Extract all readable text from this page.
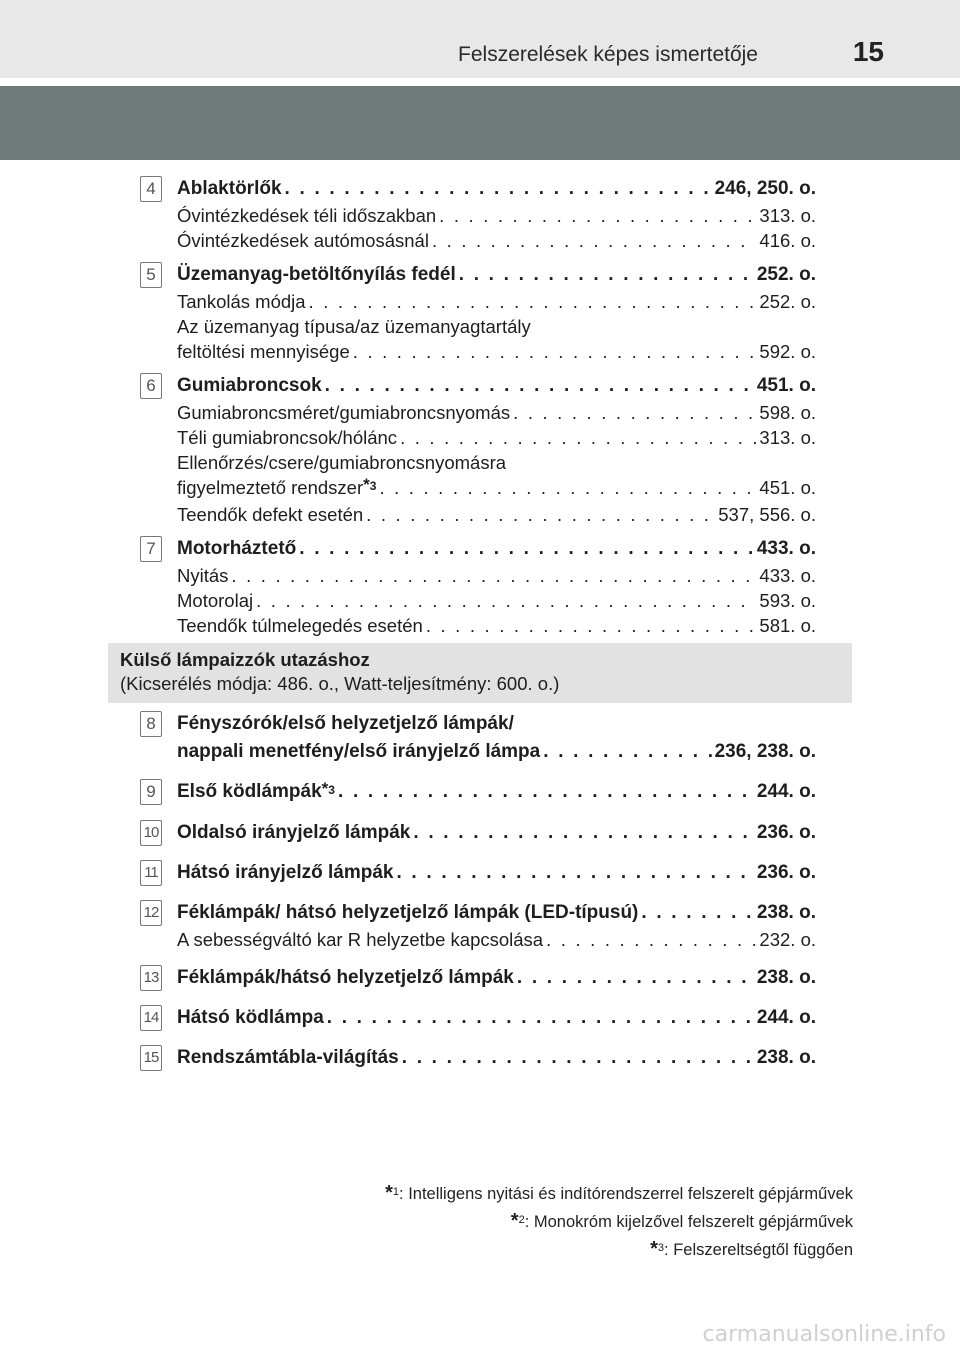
Felszerelések képes ismertetője	15
4	Ablaktörlők . . .	246, 250. o.
Óvintézkedések téli időszakban . . .	313. o.
Óvintézkedések autómosásnál . . .	416. o.
5	Üzemanyag-betöltőnyílás fedél . . .	252. o.
Tankolás módja . . .	252. o.
Az üzemanyag típusa/az üzemanyagtartály
feltöltési mennyisége . . .	592. o.
6	Gumiabroncsok . . .	451. o.
Gumiabroncsméret/gumiabroncsnyomás . . .	598. o.
Téli gumiabroncsok/hólánc . . .	313. o.
Ellenőrzés/csere/gumiabroncsnyomásra
figyelmeztető rendszer$^{*3}$ . . .	451. o.
Teendők defekt esetén . . .	537, 556. o.
7	Motorháztető . . .	433. o.
Nyitás . . .	433. o.
Motorolaj . . .	593. o.
Teendők túlmelegedés esetén . . .	581. o.
Külső lámpaizzók utazáshoz
(Kicserélés módja: 486. o., Watt-teljesítmény: 600. o.)
8	Fényszórók/első helyzetjelző lámpák/
nappali menetfény/első irányjelző lámpa . . .	236, 238. o.
9	Első ködlámpák$^{*3}$ . . .	244. o.
10 Oldalsó irányjelző lámpák . . .	236. o.
11 Hátsó irányjelző lámpák . . .	236. o.
12 Féklámpák/ hátsó helyzetjelző lámpák (LED-típusú) . . .	238. o.
A sebességváltó kar R helyzetbe kapcsolása . . .	232. o.
13 Féklámpák/hátsó helyzetjelző lámpák . . .	238. o.
14 Hátsó ködlámpa . . .	244. o.
15 Rendszámtábla-világítás . . .	238. o.
*$^1$: Intelligens nyitási és indítórendszerrel felszerelt gépjárművek
*$^2$: Monokróm kijelzővel felszerelt gépjárművek
*$^3$: Felszereltségtől függően
carmanualsonline.info
